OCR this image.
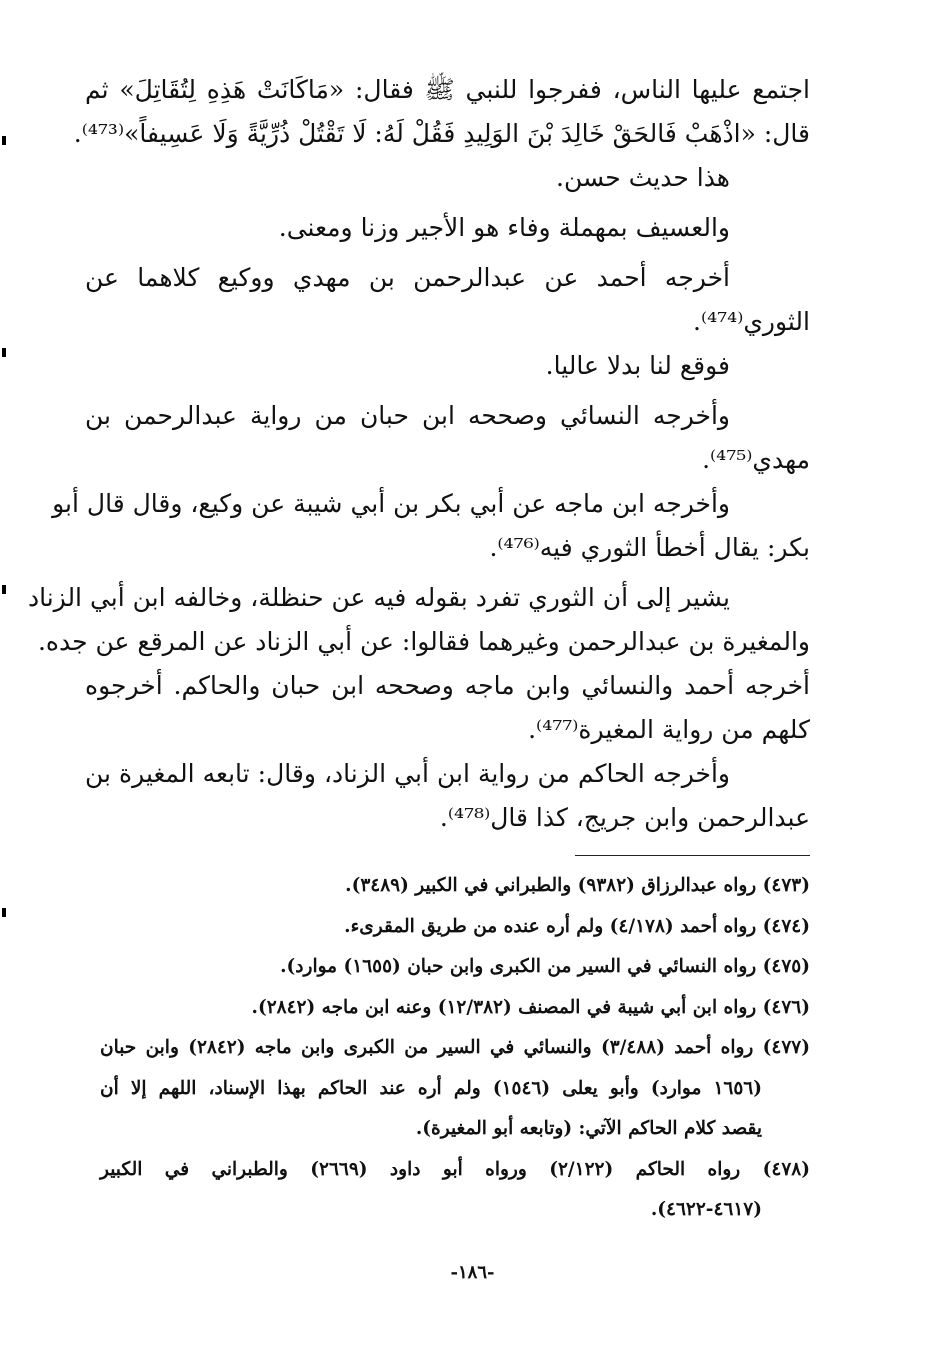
اجتمع عليها الناس، ففرجوا للنبي ﷺ فقال: «مَاكَانَتْ هَذِهِ لِتُقَاتِلَ» ثم
قال: «اذْهَبْ فَالحَقْ خَالِدَ بْنَ الوَلِيدِ فَقُلْ لَهُ: لَا تَقْتُلْ ذُرِّيَّةً وَلَا عَسِيفاً»⁽⁴⁷³⁾.
هذا حديث حسن.
والعسيف بمهملة وفاء هو الأجير وزنا ومعنى.
أخرجه أحمد عن عبدالرحمن بن مهدي ووكيع كلاهما عن
الثوري⁽⁴⁷⁴⁾.
فوقع لنا بدلا عاليا.
وأخرجه النسائي وصححه ابن حبان من رواية عبدالرحمن بن
مهدي⁽⁴⁷⁵⁾.
وأخرجه ابن ماجه عن أبي بكر بن أبي شيبة عن وكيع، وقال قال أبو
بكر: يقال أخطأ الثوري فيه⁽⁴⁷⁶⁾.
يشير إلى أن الثوري تفرد بقوله فيه عن حنظلة، وخالفه ابن أبي الزناد
والمغيرة بن عبدالرحمن وغيرهما فقالوا: عن أبي الزناد عن المرقع عن جده.
أخرجه أحمد والنسائي وابن ماجه وصححه ابن حبان والحاكم. أخرجوه
كلهم من رواية المغيرة⁽⁴⁷⁷⁾.
وأخرجه الحاكم من رواية ابن أبي الزناد، وقال: تابعه المغيرة بن
عبدالرحمن وابن جريج، كذا قال⁽⁴⁷⁸⁾.
(٤٧٣) رواه عبدالرزاق (٩٣٨٢) والطبراني في الكبير (٣٤٨٩).
(٤٧٤) رواه أحمد (٤/١٧٨) ولم أره عنده من طريق المقرىء.
(٤٧٥) رواه النسائي في السير من الكبرى وابن حبان (١٦٥٥) موارد).
(٤٧٦) رواه ابن أبي شيبة في المصنف (١٢/٣٨٢) وعنه ابن ماجه (٢٨٤٢).
(٤٧٧) رواه أحمد (٣/٤٨٨) والنسائي في السير من الكبرى وابن ماجه (٢٨٤٢) وابن حبان
(١٦٥٦ موارد) وأبو يعلى (١٥٤٦) ولم أره عند الحاكم بهذا الإسناد، اللهم إلا أن
يقصد كلام الحاكم الآتي: (وتابعه أبو المغيرة).
(٤٧٨) رواه الحاكم (٢/١٢٢) ورواه أبو داود (٢٦٦٩) والطبراني في الكبير
(٤٦١٧-٤٦٢٢).
-١٨٦-
